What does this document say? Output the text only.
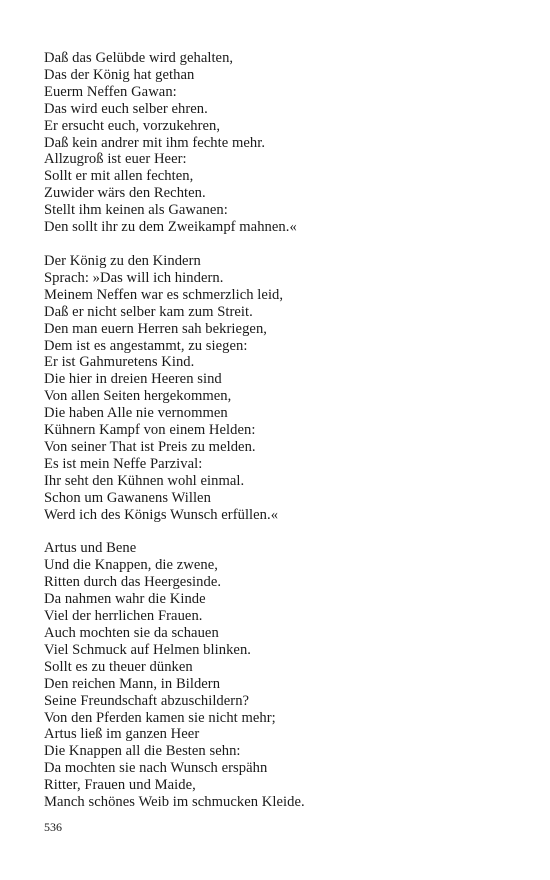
Daß das Gelübde wird gehalten,
Das der König hat gethan
Euerm Neffen Gawan:
Das wird euch selber ehren.
Er ersucht euch, vorzukehren,
Daß kein andrer mit ihm fechte mehr.
Allzugroß ist euer Heer:
Sollt er mit allen fechten,
Zuwider wärs den Rechten.
Stellt ihm keinen als Gawanen:
Den sollt ihr zu dem Zweikampf mahnen.«
Der König zu den Kindern
Sprach: »Das will ich hindern.
Meinem Neffen war es schmerzlich leid,
Daß er nicht selber kam zum Streit.
Den man euern Herren sah bekriegen,
Dem ist es angestammt, zu siegen:
Er ist Gahmuretens Kind.
Die hier in dreien Heeren sind
Von allen Seiten hergekommen,
Die haben Alle nie vernommen
Kühnern Kampf von einem Helden:
Von seiner That ist Preis zu melden.
Es ist mein Neffe Parzival:
Ihr seht den Kühnen wohl einmal.
Schon um Gawanens Willen
Werd ich des Königs Wunsch erfüllen.«
Artus und Bene
Und die Knappen, die zwene,
Ritten durch das Heergesinde.
Da nahmen wahr die Kinde
Viel der herrlichen Frauen.
Auch mochten sie da schauen
Viel Schmuck auf Helmen blinken.
Sollt es zu theuer dünken
Den reichen Mann, in Bildern
Seine Freundschaft abzuschildern?
Von den Pferden kamen sie nicht mehr;
Artus ließ im ganzen Heer
Die Knappen all die Besten sehn:
Da mochten sie nach Wunsch erspähn
Ritter, Frauen und Maide,
Manch schönes Weib im schmucken Kleide.
536
